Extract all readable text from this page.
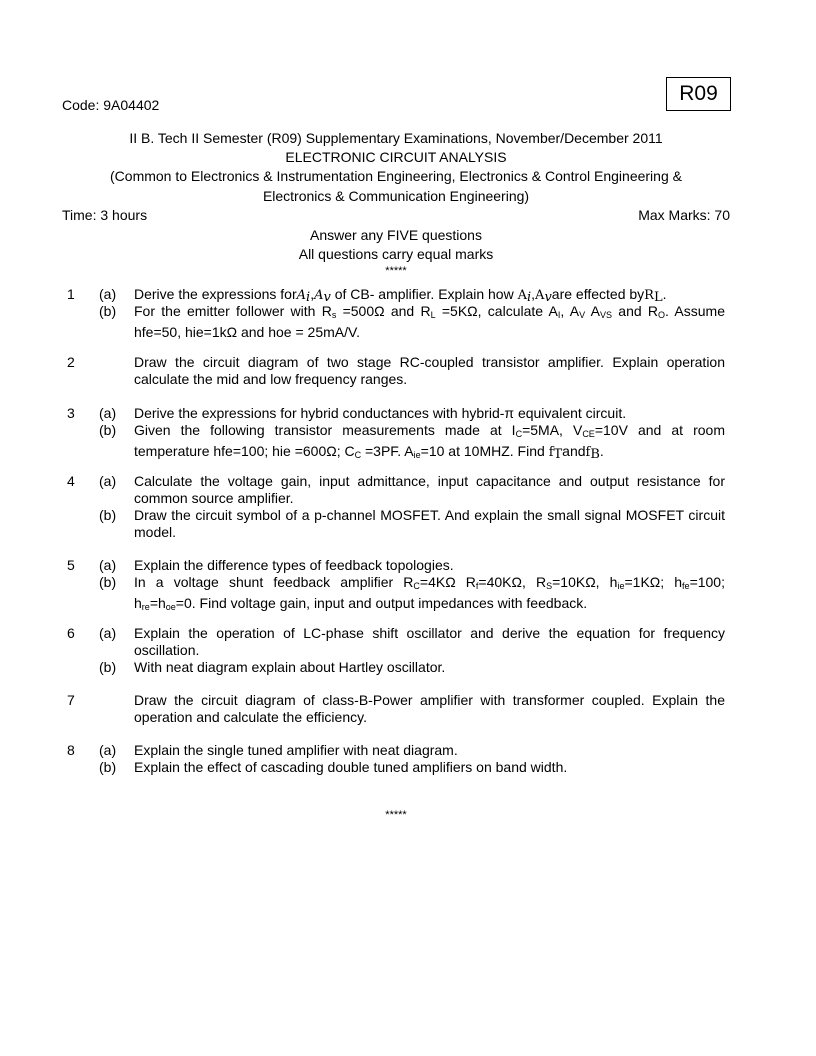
Code: 9A04402	R09
II B. Tech II Semester (R09) Supplementary Examinations, November/December 2011
ELECTRONIC CIRCUIT ANALYSIS
(Common to Electronics & Instrumentation Engineering, Electronics & Control Engineering &
Electronics & Communication Engineering)
Time: 3 hours	Max Marks: 70
Answer any FIVE questions
All questions carry equal marks
*****
1 (a) Derive the expressions $forA_i,A_v$ of CB- amplifier. Explain how $A_i,A_vare$ effected byR$_L$.
(b) For the emitter follower with $R_s =500\Omega$ and $R_L =5K\Omega$, calculate $A_I$, $A_V$ $A_{VS}$ and $R_O$. Assume hfe=50, hie=1kΩ and hoe = 25mA/V.
2	Draw the circuit diagram of two stage RC-coupled transistor amplifier. Explain operation calculate the mid and low frequency ranges.
3 (a) Derive the expressions for hybrid conductances with hybrid-π equivalent circuit.
(b) Given the following transistor measurements made at $I_C=5MA$, $V_{CE}=10V$ and at room temperature hfe=100; hie =600Ω; $C_C =3PF$. $A_{ie}=10$ at 10MHZ. Find $f_Tandf_B$.
4 (a) Calculate the voltage gain, input admittance, input capacitance and output resistance for common source amplifier.
(b) Draw the circuit symbol of a p-channel MOSFET. And explain the small signal MOSFET circuit model.
5 (a) Explain the difference types of feedback topologies.
(b) In a voltage shunt feedback amplifier $R_C=4K\Omega$ $R_f=40K\Omega$, $R_S=10K\Omega$, $h_{ie}=1K\Omega$; $h_{fe}=100$; $h_{re}=h_{oe}=0$. Find voltage gain, input and output impedances with feedback.
6 (a) Explain the operation of LC-phase shift oscillator and derive the equation for frequency oscillation.
(b) With neat diagram explain about Hartley oscillator.
7	Draw the circuit diagram of class-B-Power amplifier with transformer coupled. Explain the operation and calculate the efficiency.
8 (a) Explain the single tuned amplifier with neat diagram.
(b) Explain the effect of cascading double tuned amplifiers on band width.
*****
